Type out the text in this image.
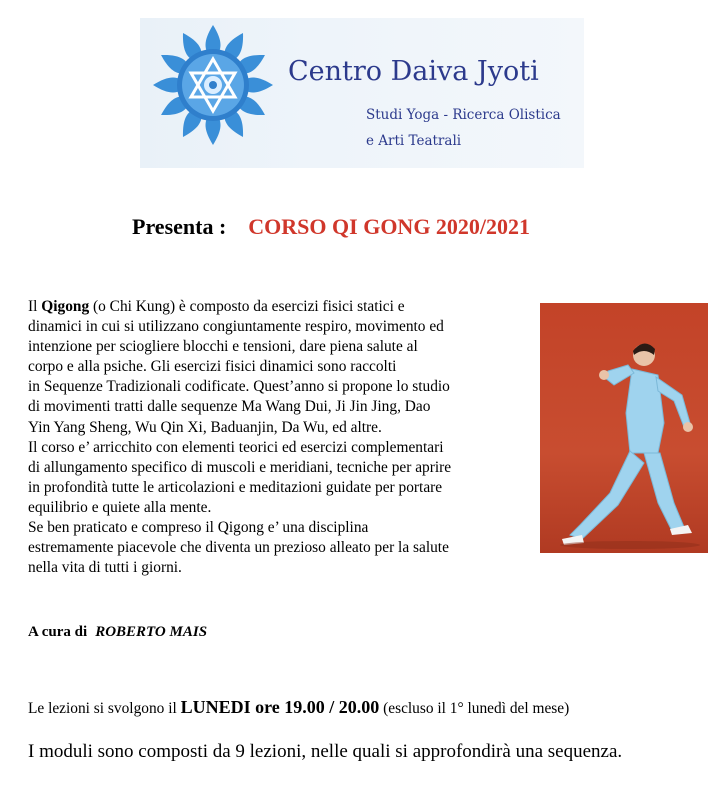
Centro Daiva Jyoti
Studi Yoga - Ricerca Olistica
e Arti Teatrali
Presenta : CORSO QI GONG 2020/2021

Il Qigong (o Chi Kung) è composto da esercizi fisici statici e

dinamici in cui si utilizzano congiuntamente respiro, movimento ed

intenzione per sciogliere blocchi e tensioni, dare piena salute al

corpo e alla psiche. Gli esercizi fisici dinamici sono raccolti

in Sequenze Tradizionali codificate. Quest’anno si propone lo studio

di movimenti tratti dalle sequenze Ma Wang Dui, Ji Jin Jing, Dao

Yin Yang Sheng, Wu Qin Xi, Baduanjin, Da Wu, ed altre.

Il corso e’ arricchito con elementi teorici ed esercizi complementari

di allungamento specifico di muscoli e meridiani, tecniche per aprire

in profondità tutte le articolazioni e meditazioni guidate per portare

equilibrio e quiete alla mente.

Se ben praticato e compreso il Qigong e’ una disciplina

estremamente piacevole che diventa un prezioso alleato per la salute

nella vita di tutti i giorni.

A cura di ROBERTO MAIS
Le lezioni si svolgono il LUNEDI ore 19.00 / 20.00 (escluso il 1° lunedì del mese)
I moduli sono composti da 9 lezioni, nelle quali si approfondirà una sequenza.
